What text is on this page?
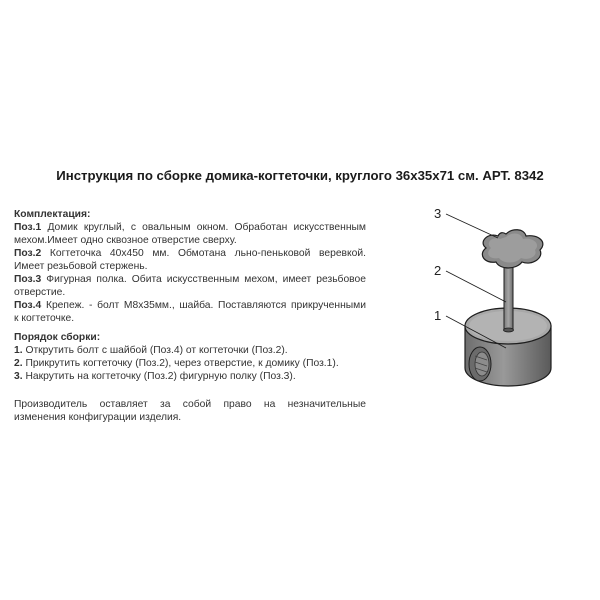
Инструкция по сборке домика-когтеточки, круглого 36х35х71 см. АРТ. 8342
Комплектация:
Поз.1 Домик круглый, с овальным окном. Обработан искусственным
мехом.Имеет одно сквозное отверстие сверху.
Поз.2 Когтеточка 40х450 мм. Обмотана льно-пеньковой веревкой.
Имеет резьбовой стержень.
Поз.3 Фигурная полка. Обита искусственным мехом, имеет резьбовое
отверстие.
Поз.4 Крепеж. - болт М8х35мм., шайба. Поставляются прикрученными
к когтеточке.
Порядок сборки:
1. Открутить болт с шайбой (Поз.4) от когтеточки (Поз.2).
2. Прикрутить когтеточку (Поз.2), через отверстие, к домику (Поз.1).
3. Накрутить на когтеточку (Поз.2) фигурную полку (Поз.3).
Производитель оставляет за собой право на незначительные
изменения конфигурации изделия.
3
2
1
